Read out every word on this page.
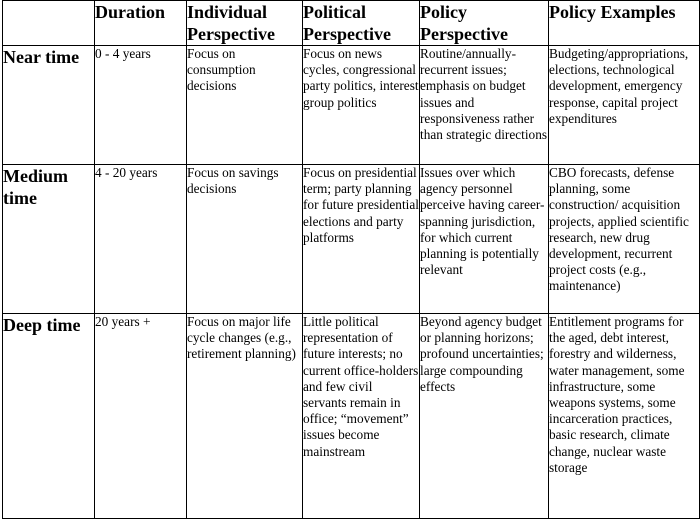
	Duration	Individual Perspective	Political Perspective	Policy Perspective	Policy Examples
Near time	0 - 4 years	Focus on consumption decisions	Focus on news cycles, congressional party politics, interest group politics	Routine/annually-recurrent issues; emphasis on budget issues and responsiveness rather than strategic directions	Budgeting/appropriations, elections, technological development, emergency response, capital project expenditures
Medium time	4 - 20 years	Focus on savings decisions	Focus on presidential term; party planning for future presidential elections and party platforms	Issues over which agency personnel perceive having career-spanning jurisdiction, for which current planning is potentially relevant	CBO forecasts, defense planning, some construction/ acquisition projects, applied scientific research, new drug development, recurrent project costs (e.g., maintenance)
Deep time	20 years +	Focus on major life cycle changes (e.g., retirement planning)	Little political representation of future interests; no current office-holders and few civil servants remain in office; “movement” issues become mainstream	Beyond agency budget or planning horizons; profound uncertainties; large compounding effects	Entitlement programs for the aged, debt interest, forestry and wilderness, water management, some infrastructure, some weapons systems, some incarceration practices, basic research, climate change, nuclear waste storage
